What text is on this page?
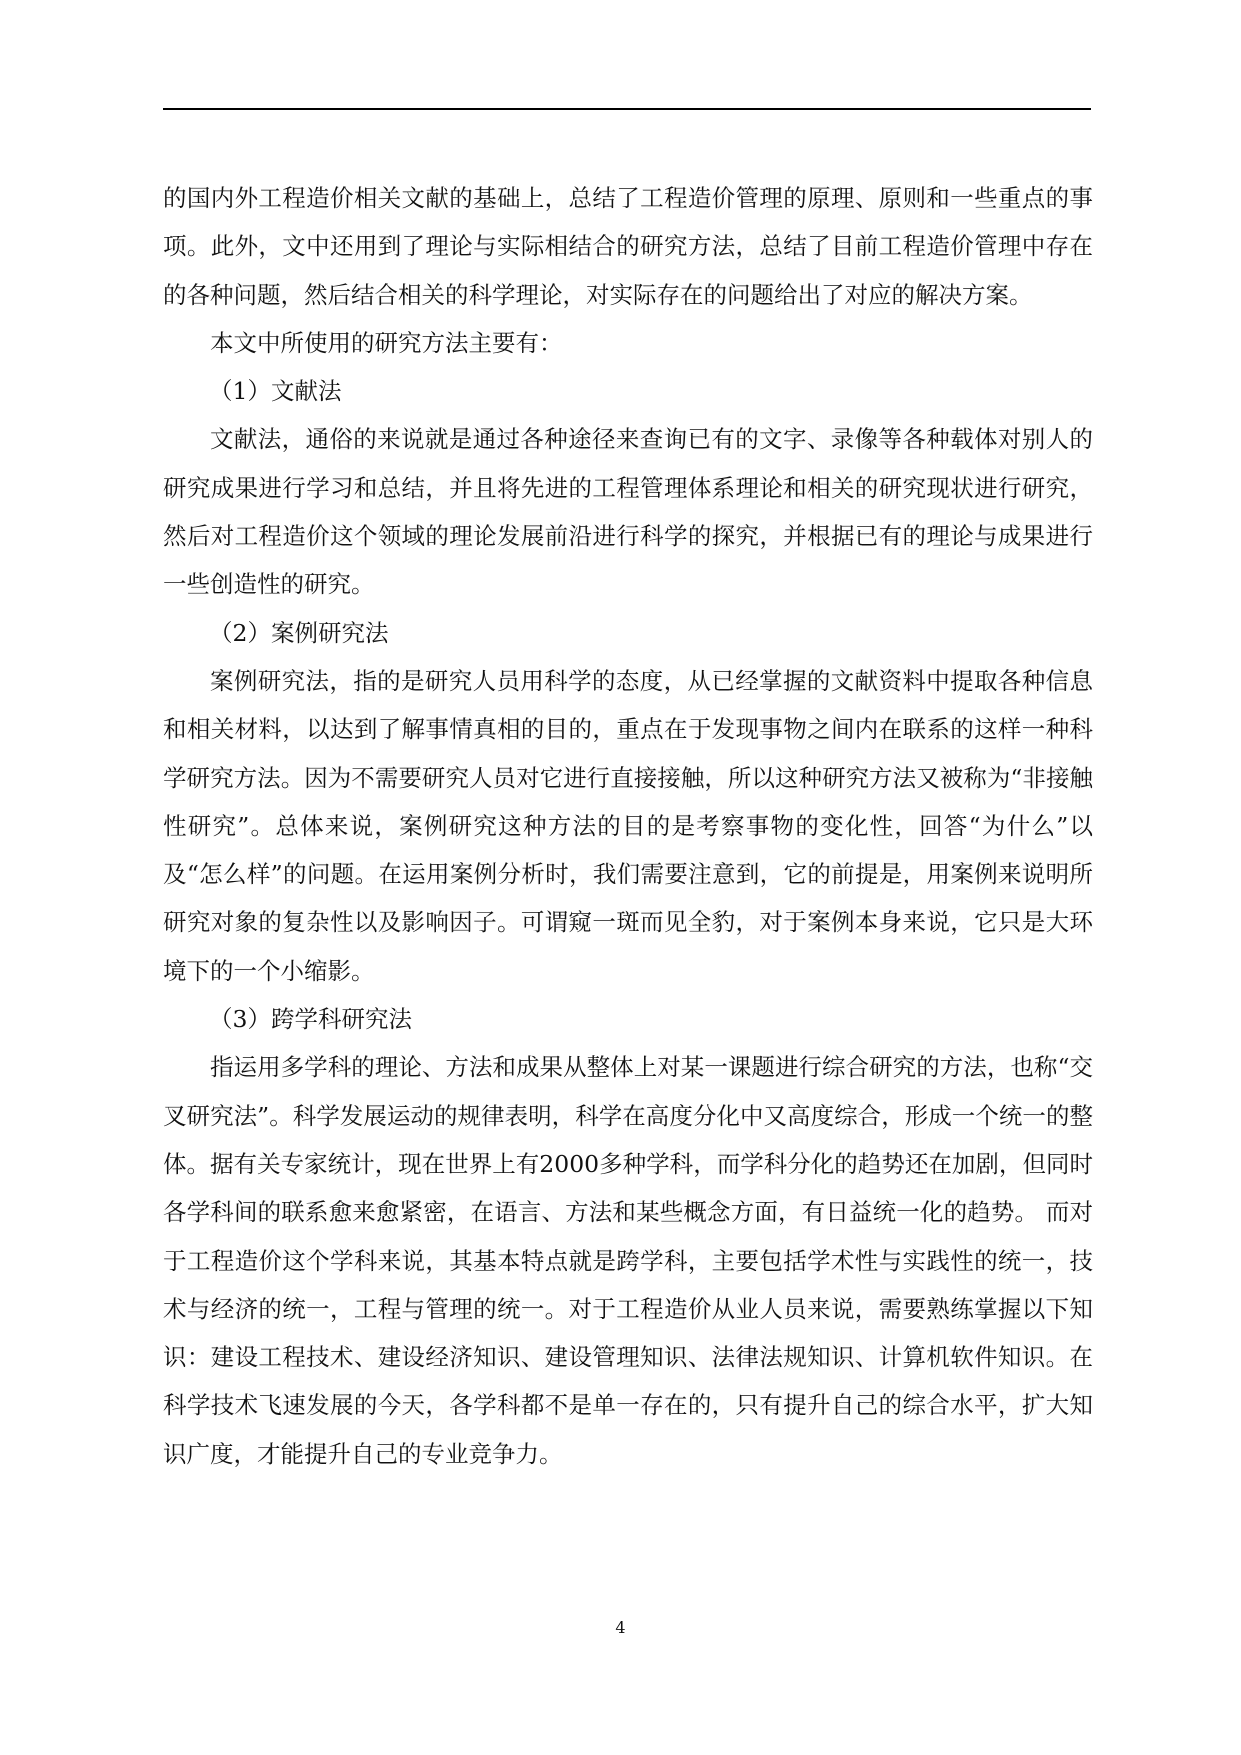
的国内外工程造价相关文献的基础上，总结了工程造价管理的原理、原则和一些重点的事项。此外，文中还用到了理论与实际相结合的研究方法，总结了目前工程造价管理中存在的各种问题，然后结合相关的科学理论，对实际存在的问题给出了对应的解决方案。

本文中所使用的研究方法主要有：

（1）文献法

文献法，通俗的来说就是通过各种途径来查询已有的文字、录像等各种载体对别人的研究成果进行学习和总结，并且将先进的工程管理体系理论和相关的研究现状进行研究，然后对工程造价这个领域的理论发展前沿进行科学的探究，并根据已有的理论与成果进行一些创造性的研究。

（2）案例研究法

案例研究法，指的是研究人员用科学的态度，从已经掌握的文献资料中提取各种信息和相关材料，以达到了解事情真相的目的，重点在于发现事物之间内在联系的这样一种科学研究方法。因为不需要研究人员对它进行直接接触，所以这种研究方法又被称为“非接触性研究”。总体来说，案例研究这种方法的目的是考察事物的变化性，回答“为什么”以及“怎么样”的问题。在运用案例分析时，我们需要注意到，它的前提是，用案例来说明所研究对象的复杂性以及影响因子。可谓窥一斑而见全豹，对于案例本身来说，它只是大环境下的一个小缩影。

（3）跨学科研究法

指运用多学科的理论、方法和成果从整体上对某一课题进行综合研究的方法，也称“交叉研究法”。科学发展运动的规律表明，科学在高度分化中又高度综合，形成一个统一的整体。据有关专家统计，现在世界上有2000多种学科，而学科分化的趋势还在加剧，但同时各学科间的联系愈来愈紧密，在语言、方法和某些概念方面，有日益统一化的趋势。 而对于工程造价这个学科来说，其基本特点就是跨学科，主要包括学术性与实践性的统一，技术与经济的统一，工程与管理的统一。对于工程造价从业人员来说，需要熟练掌握以下知识：建设工程技术、建设经济知识、建设管理知识、法律法规知识、计算机软件知识。在科学技术飞速发展的今天，各学科都不是单一存在的，只有提升自己的综合水平，扩大知识广度，才能提升自己的专业竞争力。

4
